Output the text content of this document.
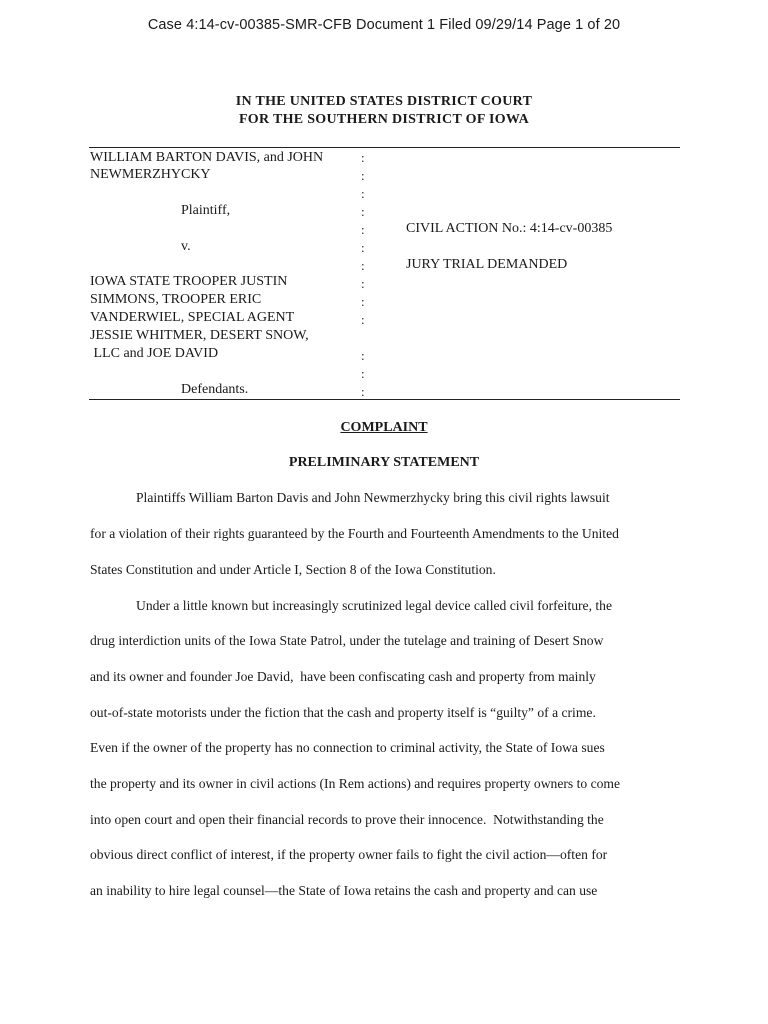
Case 4:14-cv-00385-SMR-CFB Document 1 Filed 09/29/14 Page 1 of 20
IN THE UNITED STATES DISTRICT COURT
FOR THE SOUTHERN DISTRICT OF IOWA
WILLIAM BARTON DAVIS, and JOHN
NEWMERZHYCKY
Plaintiff,
v.
IOWA STATE TROOPER JUSTIN
SIMMONS, TROOPER ERIC
VANDERWIEL, SPECIAL AGENT
JESSIE WHITMER, DESERT SNOW,
LLC and JOE DAVID
Defendants.
CIVIL ACTION No.: 4:14-cv-00385
JURY TRIAL DEMANDED
:
:
:
:
:
:
:
:
:
:
:
:
:
COMPLAINT
PRELIMINARY STATEMENT
Plaintiffs William Barton Davis and John Newmerzhycky bring this civil rights lawsuit
for a violation of their rights guaranteed by the Fourth and Fourteenth Amendments to the United
States Constitution and under Article I, Section 8 of the Iowa Constitution.
Under a little known but increasingly scrutinized legal device called civil forfeiture, the
drug interdiction units of the Iowa State Patrol, under the tutelage and training of Desert Snow
and its owner and founder Joe David,  have been confiscating cash and property from mainly
out-of-state motorists under the fiction that the cash and property itself is “guilty” of a crime.
Even if the owner of the property has no connection to criminal activity, the State of Iowa sues
the property and its owner in civil actions (In Rem actions) and requires property owners to come
into open court and open their financial records to prove their innocence.  Notwithstanding the
obvious direct conflict of interest, if the property owner fails to fight the civil action—often for
an inability to hire legal counsel—the State of Iowa retains the cash and property and can use
